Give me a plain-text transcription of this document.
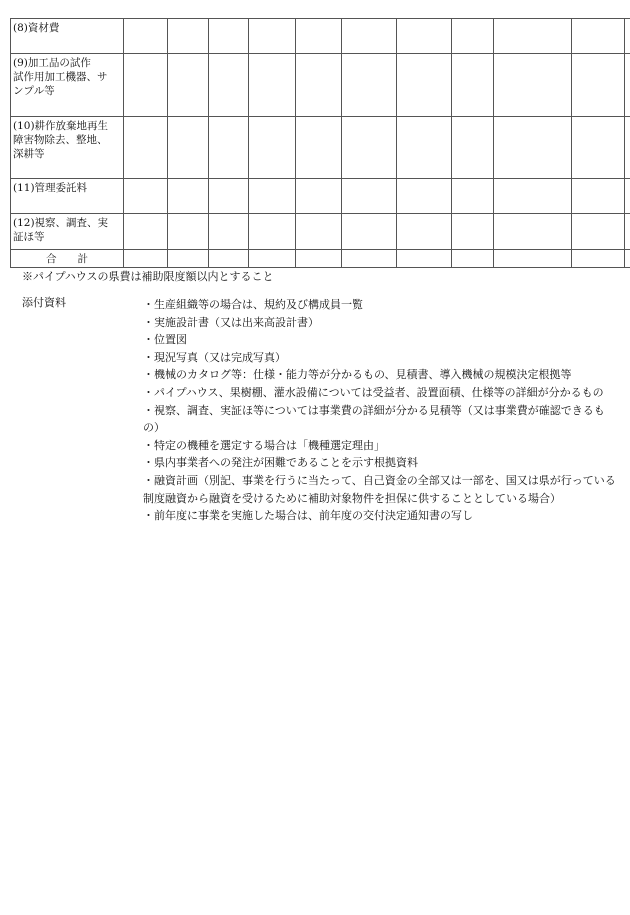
(8)資材費											
(9)加工品の試作
試作用加工機器、サ
ンプル等											
(10)耕作放棄地再生
障害物除去、整地、
深耕等											
(11)管理委託料											
(12)視察、調査、実
証ほ等											
合　　計											

※パイプハウスの県費は補助限度額以内とすること

添付資料	・生産組織等の場合は、規約及び構成員一覧
・実施設計書（又は出来高設計書）
・位置図
・現況写真（又は完成写真）
・機械のカタログ等：仕様・能力等が分かるもの、見積書、導入機械の規模決定根拠等
・パイプハウス、果樹棚、灌水設備については受益者、設置面積、仕様等の詳細が分かるもの
・視察、調査、実証ほ等については事業費の詳細が分かる見積等（又は事業費が確認できるもの）
・特定の機種を選定する場合は「機種選定理由」
・県内事業者への発注が困難であることを示す根拠資料
・融資計画（別記、事業を行うに当たって、自己資金の全部又は一部を、国又は県が行っている制度融資から融資を受けるために補助対象物件を担保に供することとしている場合）
・前年度に事業を実施した場合は、前年度の交付決定通知書の写し
